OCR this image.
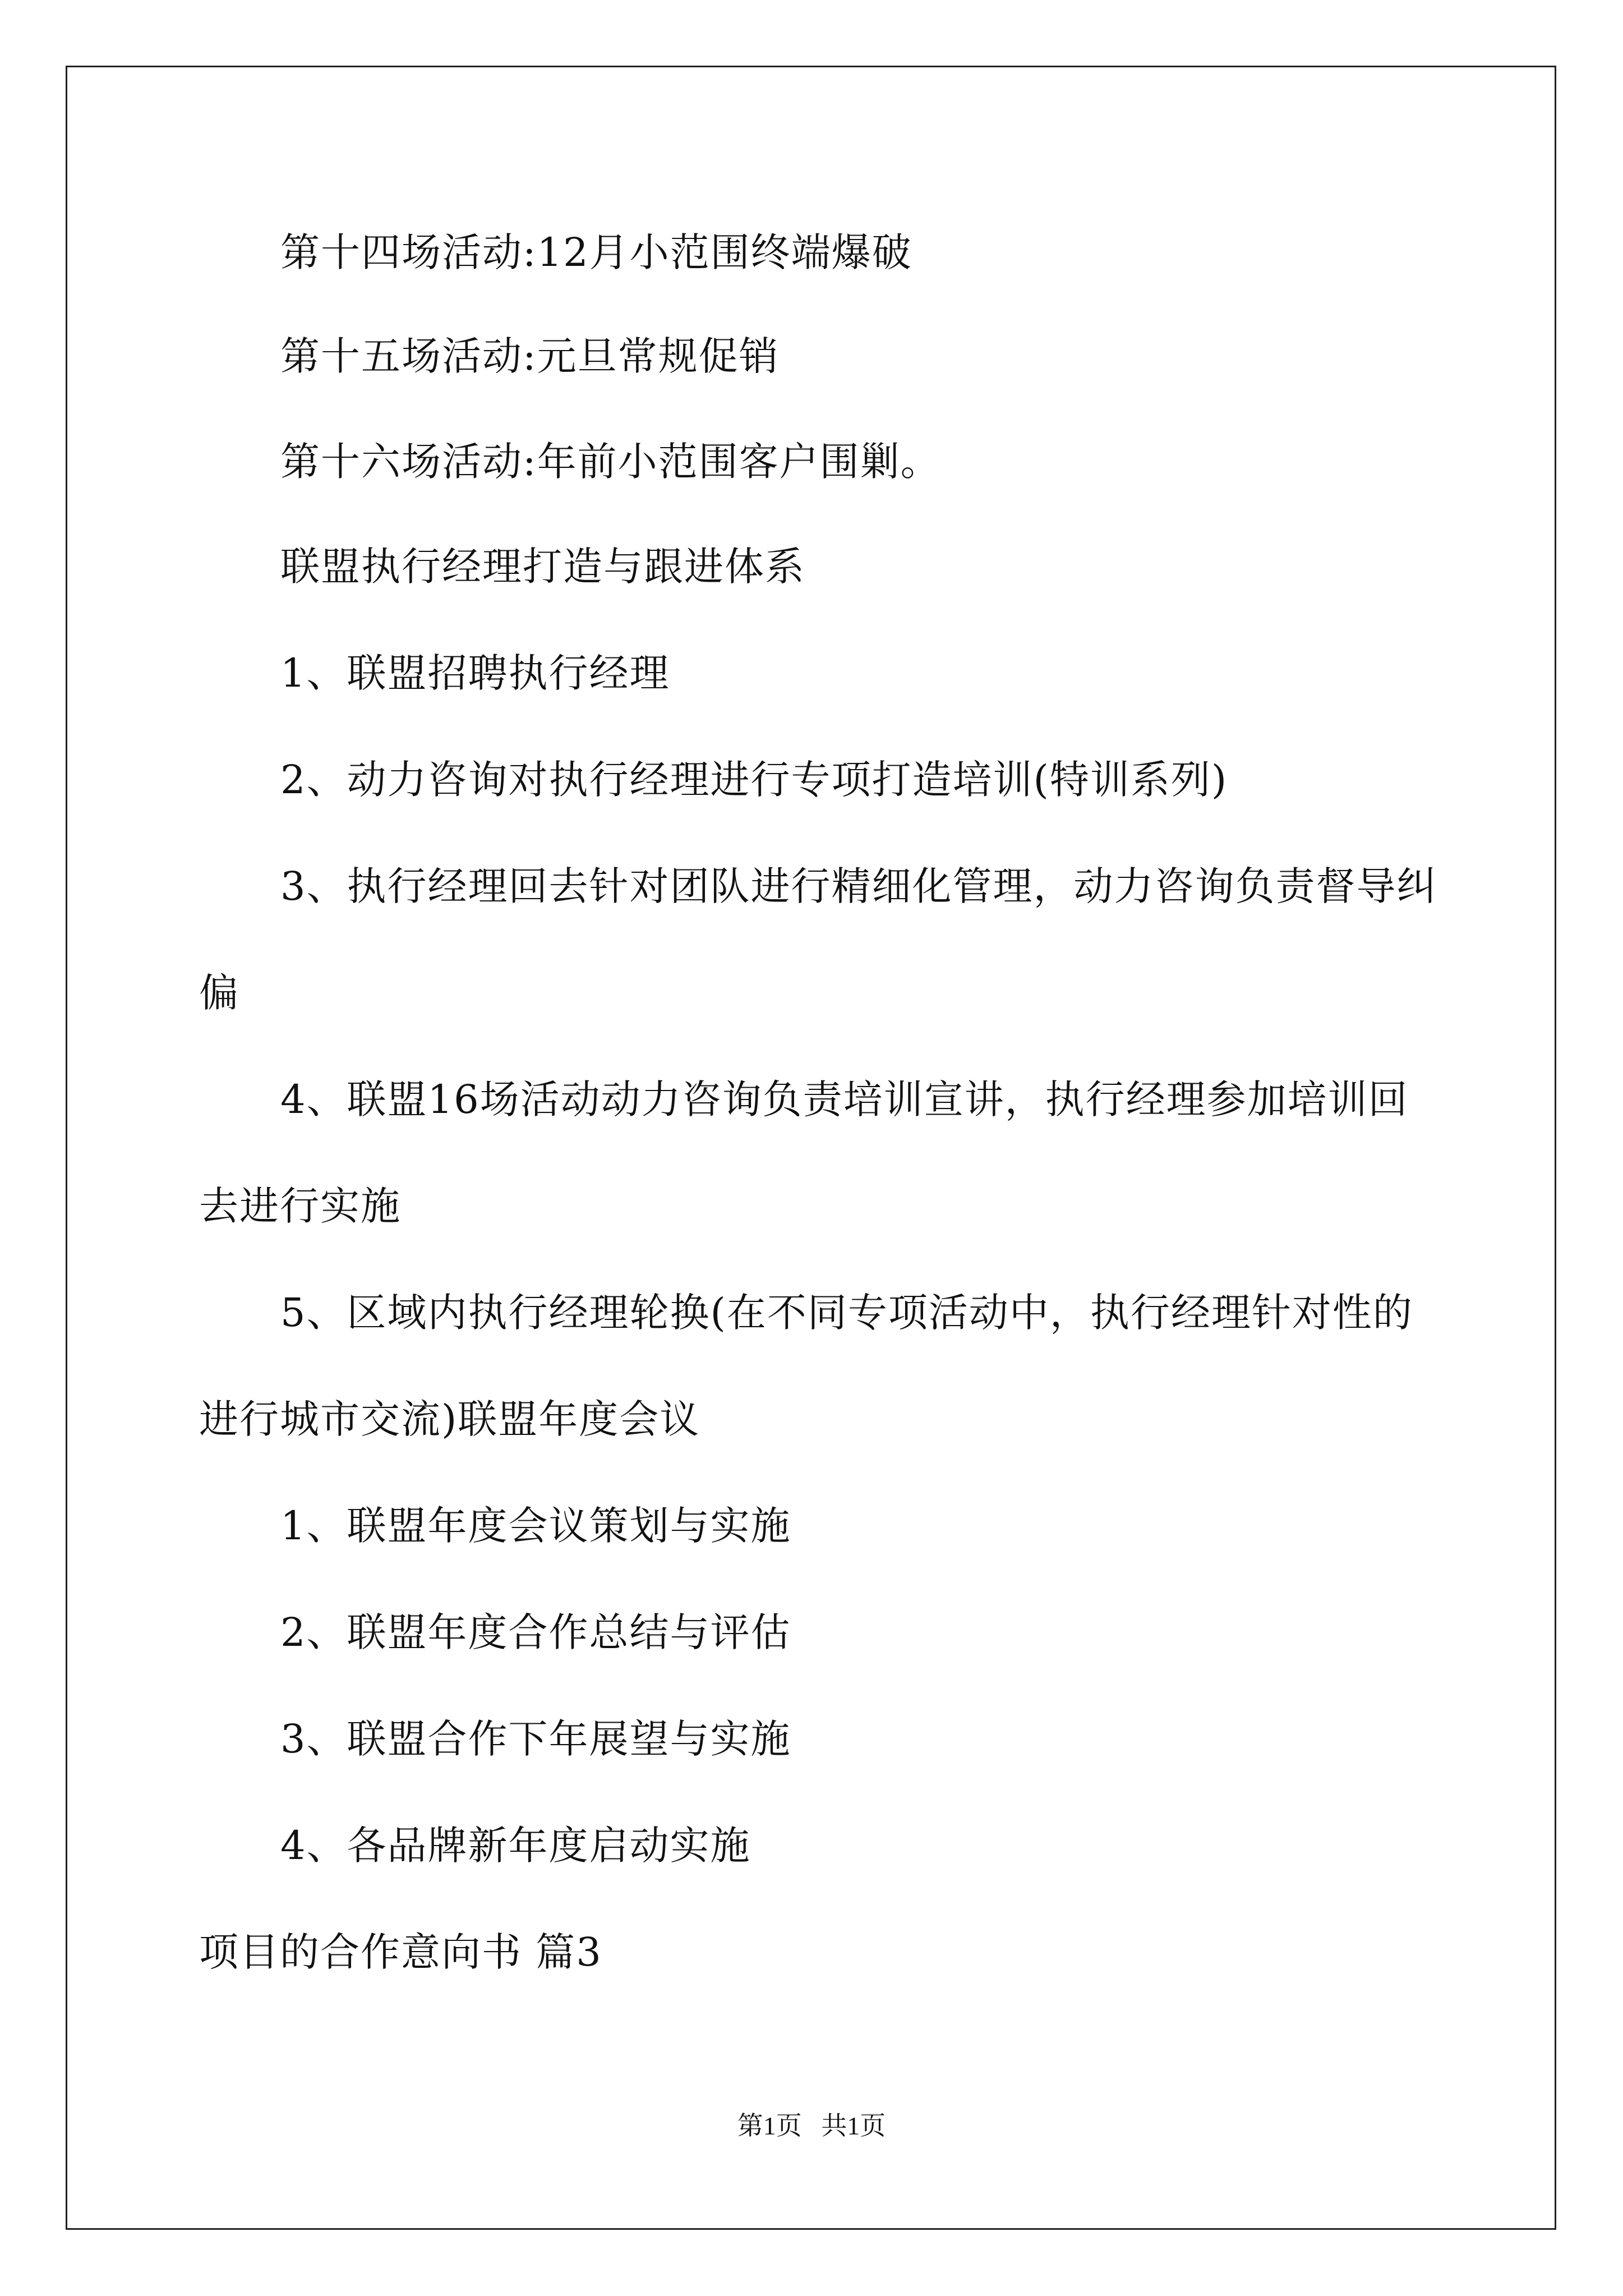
第十四场活动:12月小范围终端爆破
第十五场活动:元旦常规促销
第十六场活动:年前小范围客户围剿。
联盟执行经理打造与跟进体系
1、联盟招聘执行经理
2、动力咨询对执行经理进行专项打造培训(特训系列)
3、执行经理回去针对团队进行精细化管理，动力咨询负责督导纠
偏
4、联盟16场活动动力咨询负责培训宣讲，执行经理参加培训回
去进行实施
5、区域内执行经理轮换(在不同专项活动中，执行经理针对性的
进行城市交流)联盟年度会议
1、联盟年度会议策划与实施
2、联盟年度合作总结与评估
3、联盟合作下年展望与实施
4、各品牌新年度启动实施
项目的合作意向书 篇3
第1页   共1页
